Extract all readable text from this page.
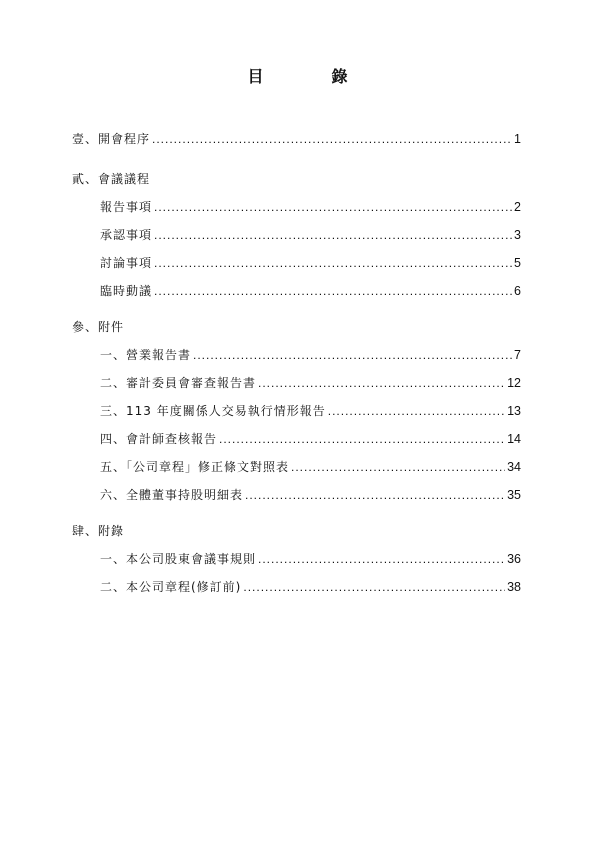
目	錄
壹、開會程序 .....	1
貳、會議議程
報告事項 .....	2
承認事項 .....	3
討論事項 .....	5
臨時動議 .....	6
參、附件
一、營業報告書 .....	7
二、審計委員會審查報告書 .....	12
三、113 年度關係人交易執行情形報告 .....	13
四、會計師查核報告 .....	14
五、「公司章程」修正條文對照表 .....	34
六、全體董事持股明細表 .....	35
肆、附錄
一、本公司股東會議事規則 .....	36
二、本公司章程(修訂前) .....	38
